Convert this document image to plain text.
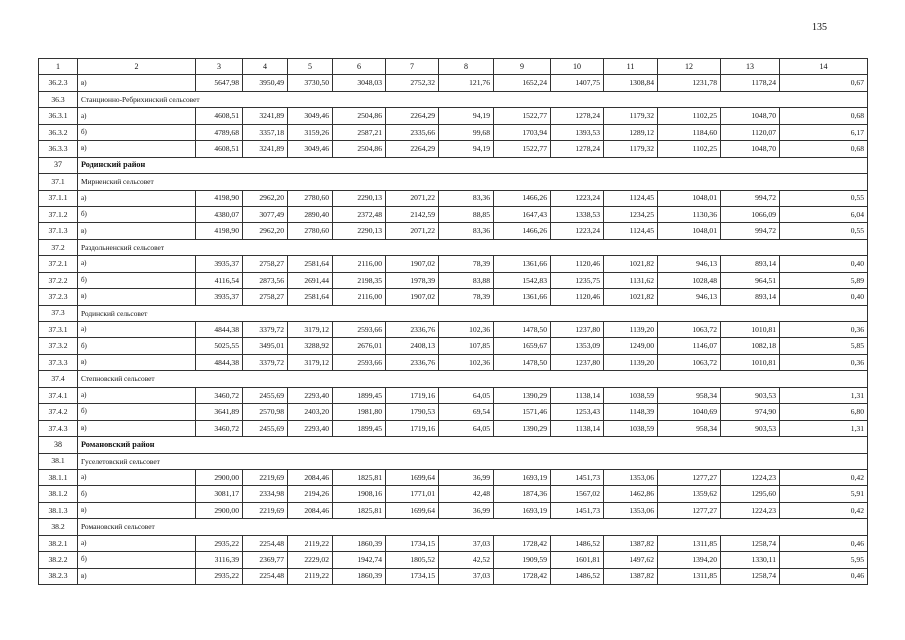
135
1	2	3	4	5	6	7	8	9	10	11	12	13	14
36.2.3	в)	5647,98	3950,49	3730,50	3048,03	2752,32	121,76	1652,24	1407,75	1308,84	1231,78	1178,24	0,67
36.3	Станционно-Ребрихинский сельсовет												
36.3.1	а)	4608,51	3241,89	3049,46	2504,86	2264,29	94,19	1522,77	1278,24	1179,32	1102,25	1048,70	0,68
36.3.2	б)	4789,68	3357,18	3159,26	2587,21	2335,66	99,68	1703,94	1393,53	1289,12	1184,60	1120,07	6,17
36.3.3	в)	4608,51	3241,89	3049,46	2504,86	2264,29	94,19	1522,77	1278,24	1179,32	1102,25	1048,70	0,68
37	Родинский район												
37.1	Мирненский сельсовет												
37.1.1	а)	4198,90	2962,20	2780,60	2290,13	2071,22	83,36	1466,26	1223,24	1124,45	1048,01	994,72	0,55
37.1.2	б)	4380,07	3077,49	2890,40	2372,48	2142,59	88,85	1647,43	1338,53	1234,25	1130,36	1066,09	6,04
37.1.3	в)	4198,90	2962,20	2780,60	2290,13	2071,22	83,36	1466,26	1223,24	1124,45	1048,01	994,72	0,55
37.2	Раздольненский сельсовет												
37.2.1	а)	3935,37	2758,27	2581,64	2116,00	1907,02	78,39	1361,66	1120,46	1021,82	946,13	893,14	0,40
37.2.2	б)	4116,54	2873,56	2691,44	2198,35	1978,39	83,88	1542,83	1235,75	1131,62	1028,48	964,51	5,89
37.2.3	в)	3935,37	2758,27	2581,64	2116,00	1907,02	78,39	1361,66	1120,46	1021,82	946,13	893,14	0,40
37.3	Родинский сельсовет												
37.3.1	а)	4844,38	3379,72	3179,12	2593,66	2336,76	102,36	1478,50	1237,80	1139,20	1063,72	1010,81	0,36
37.3.2	б)	5025,55	3495,01	3288,92	2676,01	2408,13	107,85	1659,67	1353,09	1249,00	1146,07	1082,18	5,85
37.3.3	в)	4844,38	3379,72	3179,12	2593,66	2336,76	102,36	1478,50	1237,80	1139,20	1063,72	1010,81	0,36
37.4	Степновский сельсовет												
37.4.1	а)	3460,72	2455,69	2293,40	1899,45	1719,16	64,05	1390,29	1138,14	1038,59	958,34	903,53	1,31
37.4.2	б)	3641,89	2570,98	2403,20	1981,80	1790,53	69,54	1571,46	1253,43	1148,39	1040,69	974,90	6,80
37.4.3	в)	3460,72	2455,69	2293,40	1899,45	1719,16	64,05	1390,29	1138,14	1038,59	958,34	903,53	1,31
38	Романовский район												
38.1	Гуселетовский сельсовет												
38.1.1	а)	2900,00	2219,69	2084,46	1825,81	1699,64	36,99	1693,19	1451,73	1353,06	1277,27	1224,23	0,42
38.1.2	б)	3081,17	2334,98	2194,26	1908,16	1771,01	42,48	1874,36	1567,02	1462,86	1359,62	1295,60	5,91
38.1.3	в)	2900,00	2219,69	2084,46	1825,81	1699,64	36,99	1693,19	1451,73	1353,06	1277,27	1224,23	0,42
38.2	Романовский сельсовет												
38.2.1	а)	2935,22	2254,48	2119,22	1860,39	1734,15	37,03	1728,42	1486,52	1387,82	1311,85	1258,74	0,46
38.2.2	б)	3116,39	2369,77	2229,02	1942,74	1805,52	42,52	1909,59	1601,81	1497,62	1394,20	1330,11	5,95
38.2.3	в)	2935,22	2254,48	2119,22	1860,39	1734,15	37,03	1728,42	1486,52	1387,82	1311,85	1258,74	0,46
